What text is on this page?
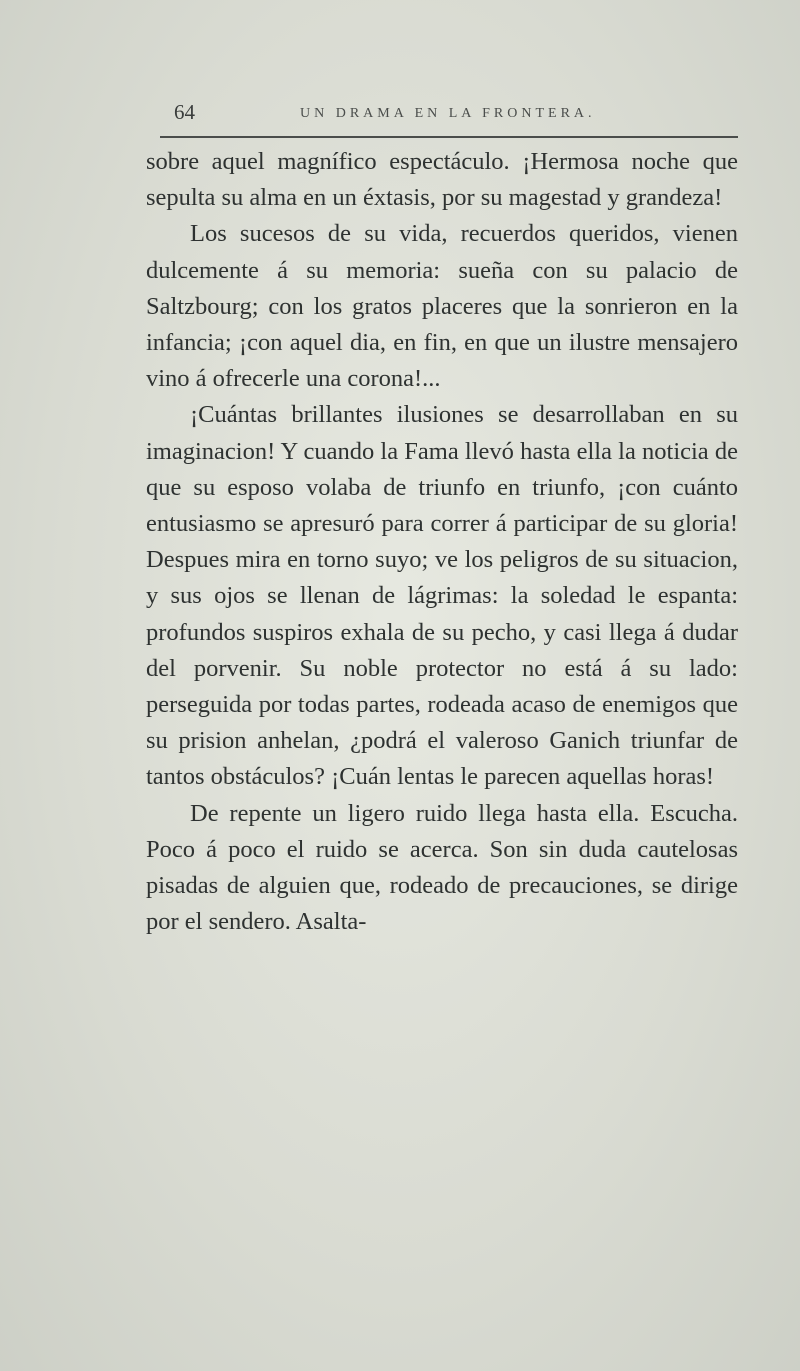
64	UN DRAMA EN LA FRONTERA.

sobre aquel magnífico espectáculo. ¡Hermosa noche que sepulta su alma en un éxtasis, por su magestad y grandeza!

Los sucesos de su vida, recuerdos queridos, vienen dulcemente á su memoria: sueña con su palacio de Saltzbourg; con los gratos placeres que la sonrieron en la infancia; ¡con aquel dia, en fin, en que un ilustre mensajero vino á ofrecerle una corona!...

¡Cuántas brillantes ilusiones se desarrollaban en su imaginacion! Y cuando la Fama llevó hasta ella la noticia de que su esposo volaba de triunfo en triunfo, ¡con cuánto entusiasmo se apresuró para correr á participar de su gloria! Despues mira en torno suyo; ve los peligros de su situacion, y sus ojos se llenan de lágrimas: la soledad le espanta: profundos suspiros exhala de su pecho, y casi llega á dudar del porvenir. Su noble protector no está á su lado: perseguida por todas partes, rodeada acaso de enemigos que su prision anhelan, ¿podrá el valeroso Ganich triunfar de tantos obstáculos? ¡Cuán lentas le parecen aquellas horas!

De repente un ligero ruido llega hasta ella. Escucha. Poco á poco el ruido se acerca. Son sin duda cautelosas pisadas de alguien que, rodeado de precauciones, se dirige por el sendero. Asalta-
